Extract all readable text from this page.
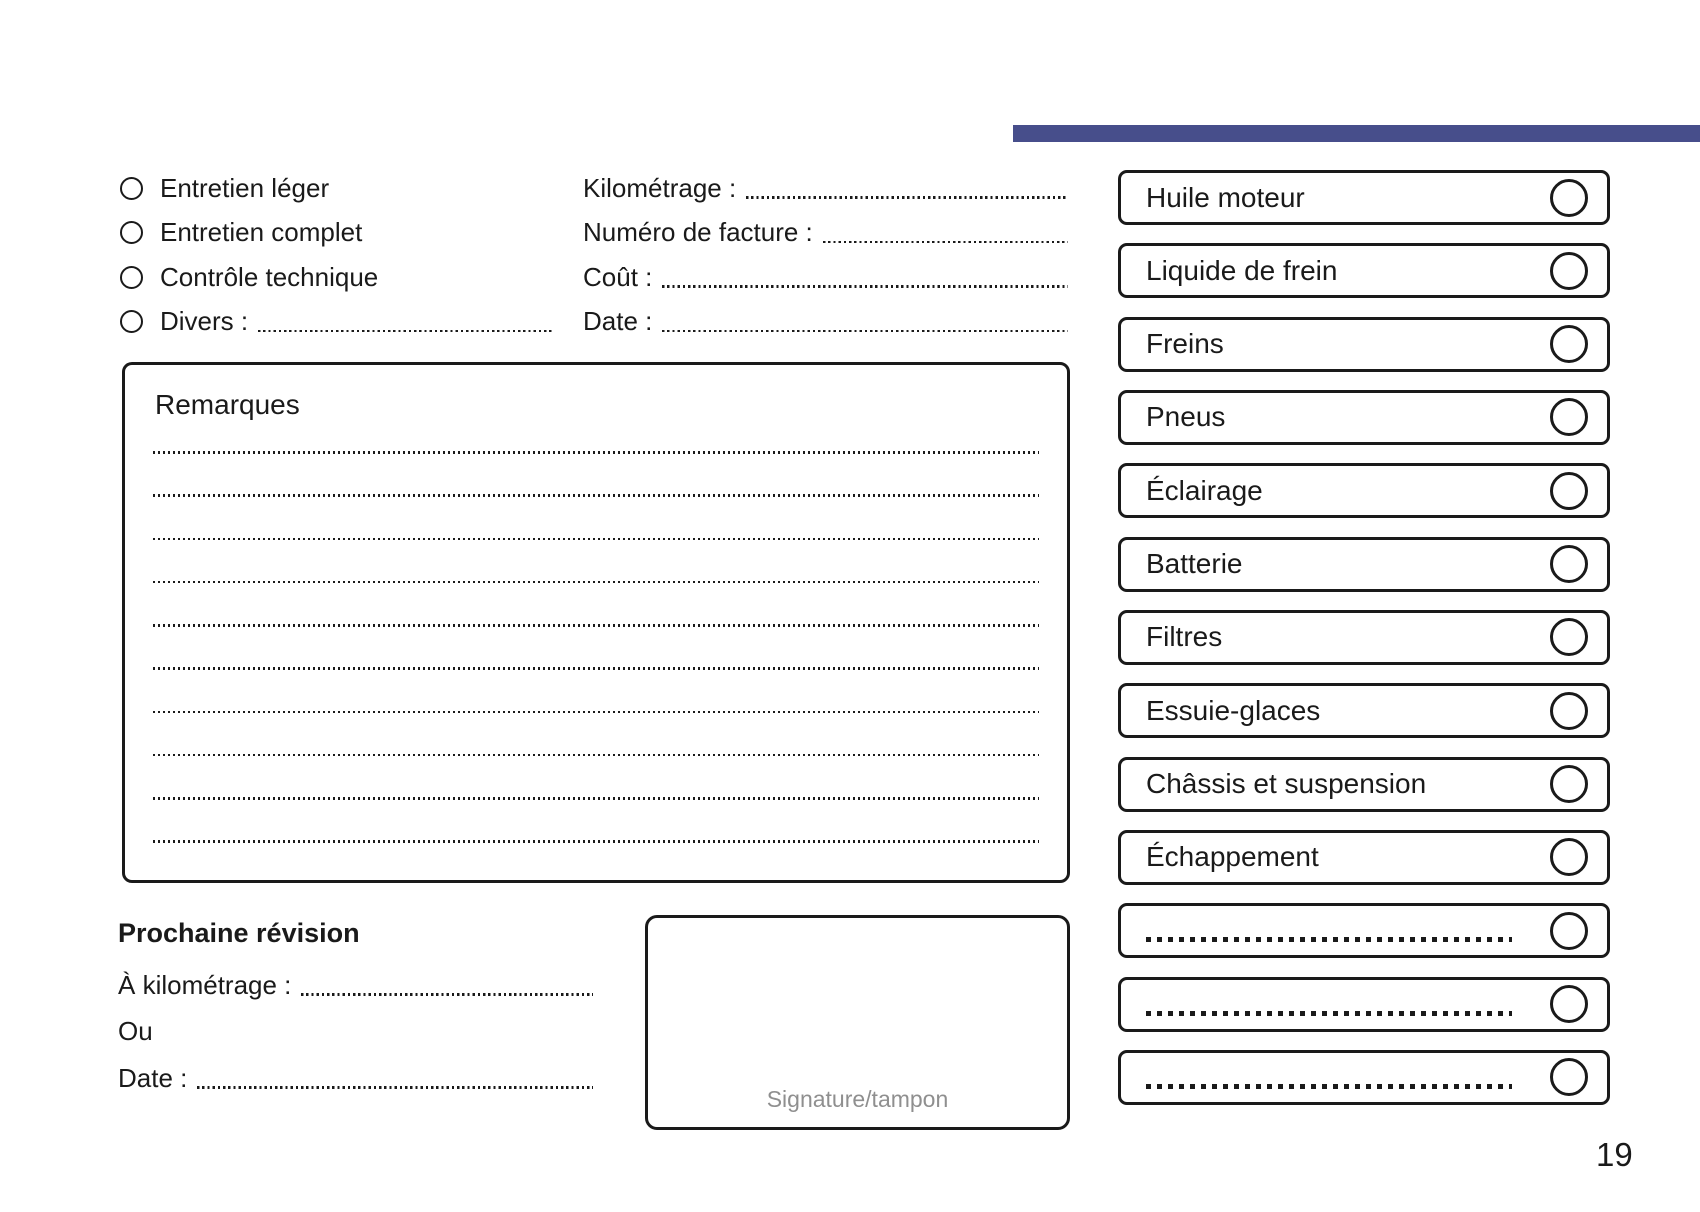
Entretien léger
Entretien complet
Contrôle technique
Divers :
Kilométrage :
Numéro de facture :
Coût :
Date :
Remarques
Prochaine révision
À kilométrage :
Ou
Date :
Signature/tampon
Huile moteur
Liquide de frein
Freins
Pneus
Éclairage
Batterie
Filtres
Essuie-glaces
Châssis et suspension
Échappement
19
